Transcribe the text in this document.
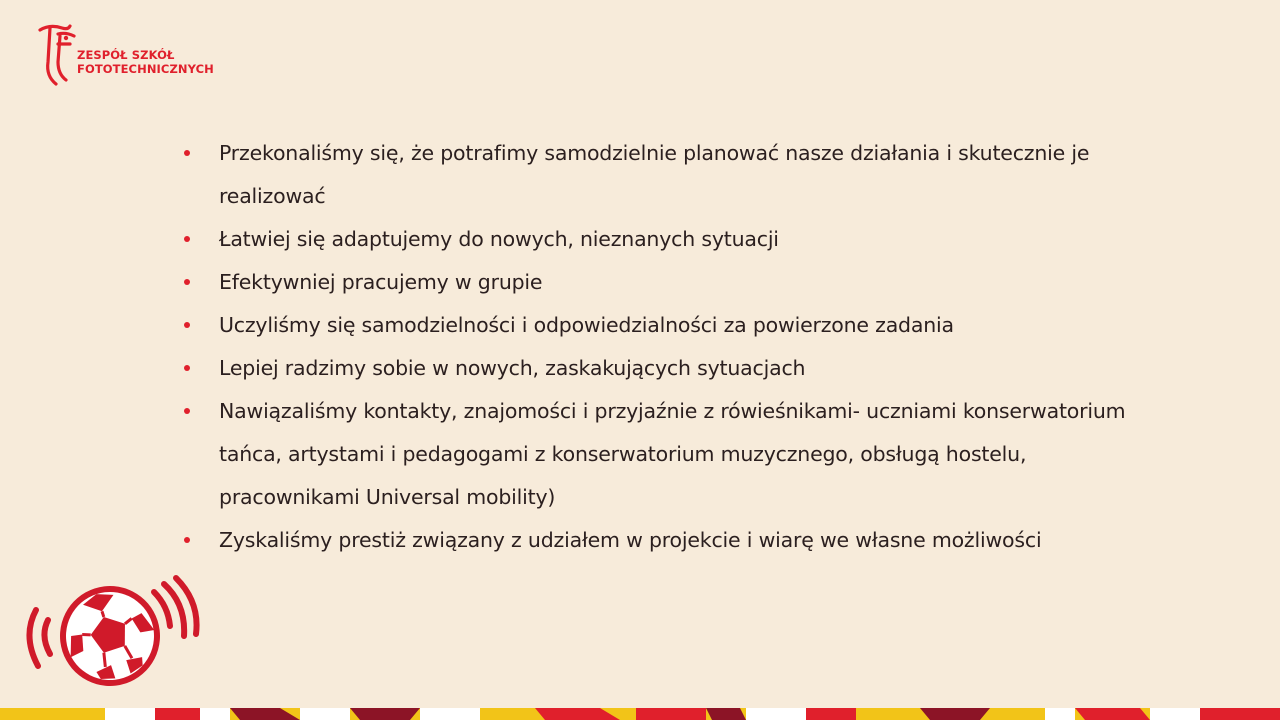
ZESPÓŁ SZKÓŁ
FOTOTECHNICZNYCH
Przekonaliśmy się, że potrafimy samodzielnie planować nasze działania i skutecznie je realizować
Łatwiej się adaptujemy do nowych, nieznanych sytuacji
Efektywniej pracujemy w grupie
Uczyliśmy się samodzielności i odpowiedzialności za powierzone zadania
Lepiej radzimy sobie w nowych, zaskakujących sytuacjach
Nawiązaliśmy kontakty, znajomości i przyjaźnie z rówieśnikami- uczniami konserwatorium tańca, artystami i pedagogami z konserwatorium muzycznego, obsługą hostelu, pracownikami Universal mobility)
Zyskaliśmy prestiż związany z udziałem w projekcie i wiarę we własne możliwości
